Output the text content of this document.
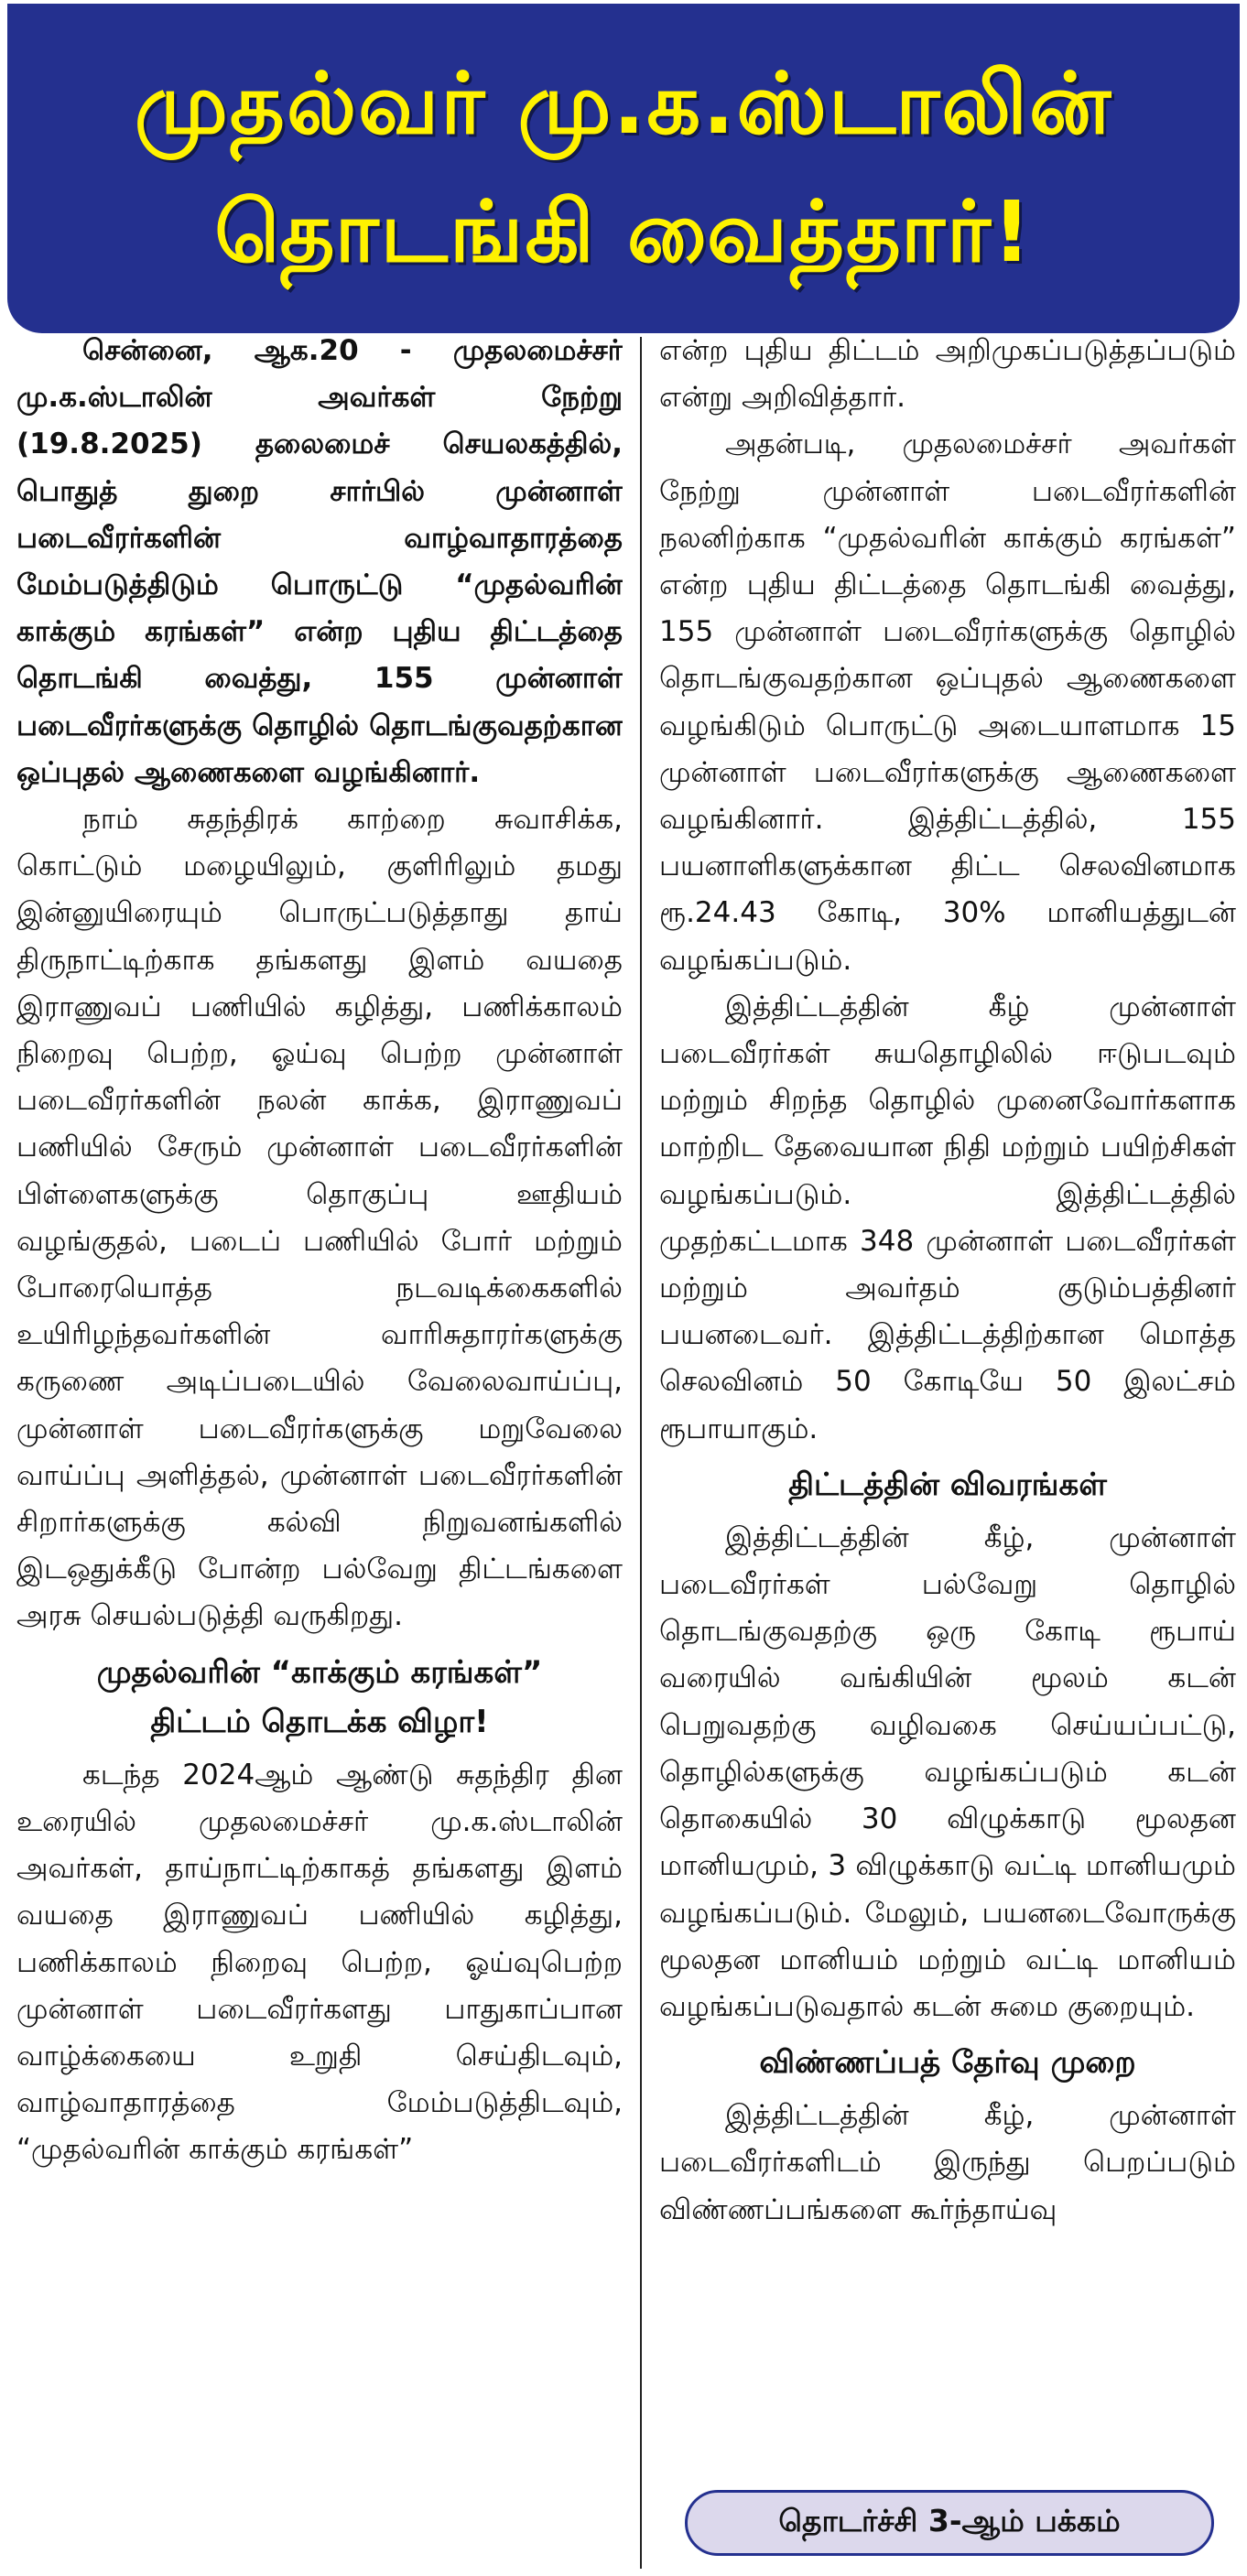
முதல்வர் மு.க.ஸ்டாலின்
தொடங்கி வைத்தார்!

சென்னை, ஆக.20 - முதலமைச்சர் மு.க.ஸ்டாலின் அவர்கள் நேற்று (19.8.2025) தலைமைச் செயலகத்தில், பொதுத் துறை சார்பில் முன்னாள் படைவீரர்களின் வாழ்வாதாரத்தை மேம்படுத்திடும் பொருட்டு “முதல்வரின் காக்கும் கரங்கள்” என்ற புதிய திட்டத்தை தொடங்கி வைத்து, 155 முன்னாள் படைவீரர்களுக்கு தொழில் தொடங்குவதற்கான ஒப்புதல் ஆணைகளை வழங்கினார்.

நாம் சுதந்திரக் காற்றை சுவாசிக்க, கொட்டும் மழையிலும், குளிரிலும் தமது இன்னுயிரையும் பொருட்படுத்தாது தாய் திருநாட்டிற்காக தங்களது இளம் வயதை இராணுவப் பணியில் கழித்து, பணிக்காலம் நிறைவு பெற்ற, ஓய்வு பெற்ற முன்னாள் படைவீரர்களின் நலன் காக்க, இராணுவப் பணியில் சேரும் முன்னாள் படைவீரர்களின் பிள்ளைகளுக்கு தொகுப்பு ஊதியம் வழங்குதல், படைப் பணியில் போர் மற்றும் போரையொத்த நடவடிக்கைகளில் உயிரிழந்தவர்களின் வாரிசுதாரர்களுக்கு கருணை அடிப்படையில் வேலைவாய்ப்பு, முன்னாள் படைவீரர்களுக்கு மறுவேலை வாய்ப்பு அளித்தல், முன்னாள் படைவீரர்களின் சிறார்களுக்கு கல்வி நிறுவனங்களில் இடஒதுக்கீடு போன்ற பல்வேறு திட்டங்களை அரசு செயல்படுத்தி வருகிறது.

முதல்வரின் “காக்கும் கரங்கள்”
திட்டம் தொடக்க விழா!

கடந்த 2024ஆம் ஆண்டு சுதந்திர தின உரையில் முதலமைச்சர் மு.க.ஸ்டாலின் அவர்கள், தாய்நாட்டிற்காகத் தங்களது இளம் வயதை இராணுவப் பணியில் கழித்து, பணிக்காலம் நிறைவு பெற்ற, ஓய்வுபெற்ற முன்னாள் படைவீரர்களது பாதுகாப்பான வாழ்க்கையை உறுதி செய்திடவும், வாழ்வாதாரத்தை மேம்படுத்திடவும், “முதல்வரின் காக்கும் கரங்கள்”

என்ற புதிய திட்டம் அறிமுகப்படுத்தப்படும் என்று அறிவித்தார்.

அதன்படி, முதலமைச்சர் அவர்கள் நேற்று முன்னாள் படைவீரர்களின் நலனிற்காக “முதல்வரின் காக்கும் கரங்கள்” என்ற புதிய திட்டத்தை தொடங்கி வைத்து, 155 முன்னாள் படைவீரர்களுக்கு தொழில் தொடங்குவதற்கான ஒப்புதல் ஆணைகளை வழங்கிடும் பொருட்டு அடையாளமாக 15 முன்னாள் படைவீரர்களுக்கு ஆணைகளை வழங்கினார். இத்திட்டத்தில், 155 பயனாளிகளுக்கான திட்ட செலவினமாக ரூ.24.43 கோடி, 30% மானியத்துடன் வழங்கப்படும்.

இத்திட்டத்தின் கீழ் முன்னாள் படைவீரர்கள் சுயதொழிலில் ஈடுபடவும் மற்றும் சிறந்த தொழில் முனைவோர்களாக மாற்றிட தேவையான நிதி மற்றும் பயிற்சிகள் வழங்கப்படும். இத்திட்டத்தில் முதற்கட்டமாக 348 முன்னாள் படைவீரர்கள் மற்றும் அவர்தம் குடும்பத்தினர் பயனடைவர். இத்திட்டத்திற்கான மொத்த செலவினம் 50 கோடியே 50 இலட்சம் ரூபாயாகும்.

திட்டத்தின் விவரங்கள்

இத்திட்டத்தின் கீழ், முன்னாள் படைவீரர்கள் பல்வேறு தொழில் தொடங்குவதற்கு ஒரு கோடி ரூபாய் வரையில் வங்கியின் மூலம் கடன் பெறுவதற்கு வழிவகை செய்யப்பட்டு, தொழில்களுக்கு வழங்கப்படும் கடன் தொகையில் 30 விழுக்காடு மூலதன மானியமும், 3 விழுக்காடு வட்டி மானியமும் வழங்கப்படும். மேலும், பயனடைவோருக்கு மூலதன மானியம் மற்றும் வட்டி மானியம் வழங்கப்படுவதால் கடன் சுமை குறையும்.

விண்ணப்பத் தேர்வு முறை

இத்திட்டத்தின் கீழ், முன்னாள் படைவீரர்களிடம் இருந்து பெறப்படும் விண்ணப்பங்களை கூர்ந்தாய்வு

தொடர்ச்சி 3-ஆம் பக்கம்
